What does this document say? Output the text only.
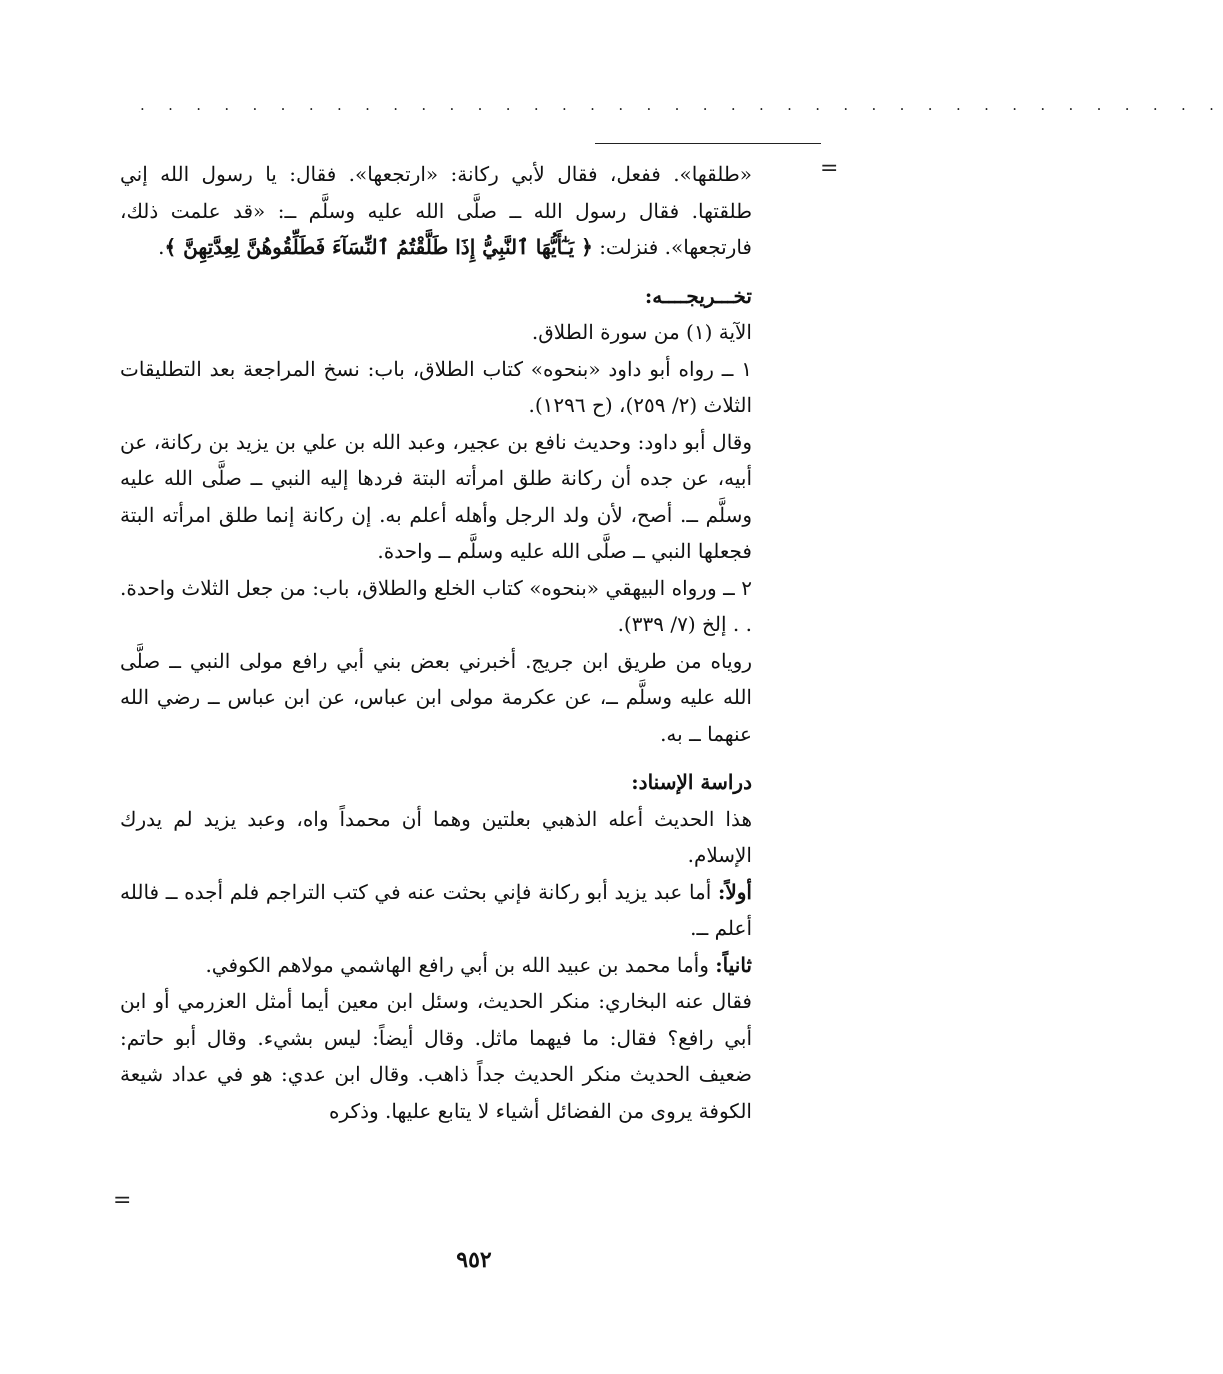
. . . . . . . . . . . . . . . . . . . . . . . . . . . . . . . . . . . . . . .
=

«طلقها». ففعل، فقال لأبي ركانة: «ارتجعها». فقال: يا رسول الله إني طلقتها. فقال رسول الله ــ صلَّى الله عليه وسلَّم ــ: «قد علمت ذلك، فارتجعها». فنزلت: ﴿ يَـٰٓأَيُّهَا ٱلنَّبِيُّ إِذَا طَلَّقْتُمُ ٱلنِّسَآءَ فَطَلِّقُوهُنَّ لِعِدَّتِهِنَّ ﴾.

تخـــريجــــه:

الآية (١) من سورة الطلاق.

١ ــ رواه أبو داود «بنحوه» كتاب الطلاق، باب: نسخ المراجعة بعد التطليقات الثلاث (٢/ ٢٥٩)، (ح ١٢٩٦).

وقال أبو داود: وحديث نافع بن عجير، وعبد الله بن علي بن يزيد بن ركانة، عن أبيه، عن جده أن ركانة طلق امرأته البتة فردها إليه النبي ــ صلَّى الله عليه وسلَّم ــ. أصح، لأن ولد الرجل وأهله أعلم به. إن ركانة إنما طلق امرأته البتة فجعلها النبي ــ صلَّى الله عليه وسلَّم ــ واحدة.

٢ ــ ورواه البيهقي «بنحوه» كتاب الخلع والطلاق، باب: من جعل الثلاث واحدة. . . إلخ (٧/ ٣٣٩).

روياه من طريق ابن جريج. أخبرني بعض بني أبي رافع مولى النبي ــ صلَّى الله عليه وسلَّم ــ، عن عكرمة مولى ابن عباس، عن ابن عباس ــ رضي الله عنهما ــ به.

دراسة الإسناد:

هذا الحديث أعله الذهبي بعلتين وهما أن محمداً واه، وعبد يزيد لم يدرك الإسلام.

أولاً: أما عبد يزيد أبو ركانة فإني بحثت عنه في كتب التراجم فلم أجده ــ فالله أعلم ــ.

ثانياً: وأما محمد بن عبيد الله بن أبي رافع الهاشمي مولاهم الكوفي.

فقال عنه البخاري: منكر الحديث، وسئل ابن معين أيما أمثل العزرمي أو ابن أبي رافع؟ فقال: ما فيهما ماثل. وقال أيضاً: ليس بشيء. وقال أبو حاتم: ضعيف الحديث منكر الحديث جداً ذاهب. وقال ابن عدي: هو في عداد شيعة الكوفة يروى من الفضائل أشياء لا يتابع عليها. وذكره

=
٩٥٢
